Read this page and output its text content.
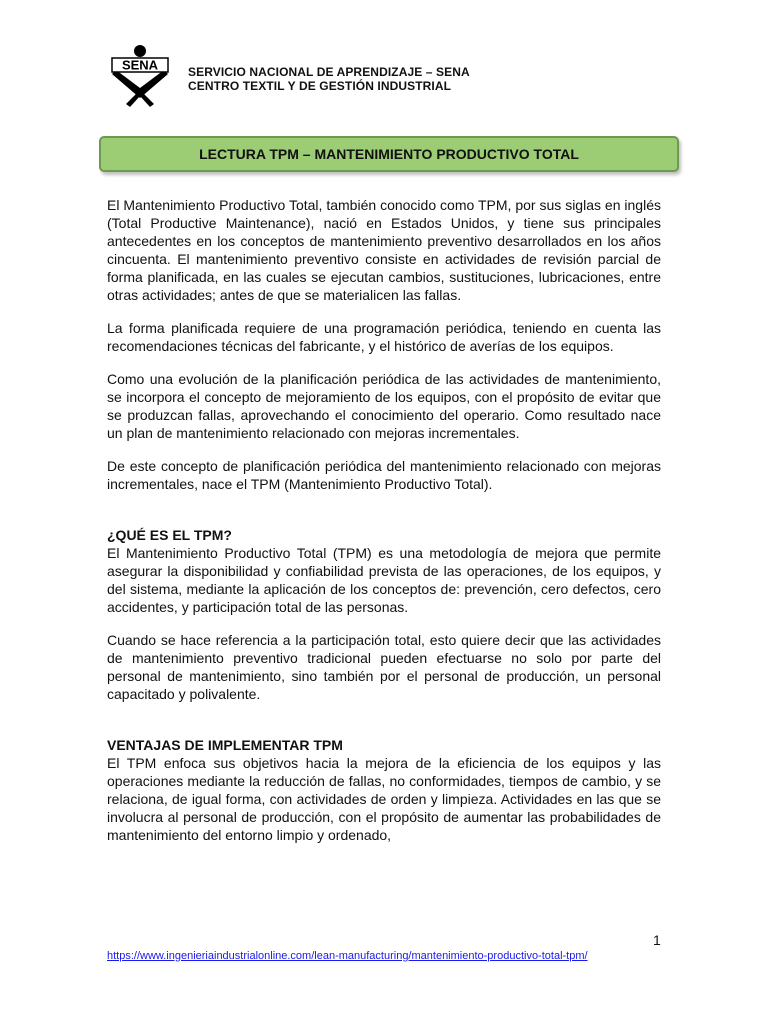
SENA SERVICIO NACIONAL DE APRENDIZAJE – SENA
CENTRO TEXTIL Y DE GESTIÓN INDUSTRIAL
LECTURA TPM – MANTENIMIENTO PRODUCTIVO TOTAL

El Mantenimiento Productivo Total, también conocido como TPM, por sus siglas en inglés (Total Productive Maintenance), nació en Estados Unidos, y tiene sus principales antecedentes en los conceptos de mantenimiento preventivo desarrollados en los años cincuenta. El mantenimiento preventivo consiste en actividades de revisión parcial de forma planificada, en las cuales se ejecutan cambios, sustituciones, lubricaciones, entre otras actividades; antes de que se materialicen las fallas.

La forma planificada requiere de una programación periódica, teniendo en cuenta las recomendaciones técnicas del fabricante, y el histórico de averías de los equipos.

Como una evolución de la planificación periódica de las actividades de mantenimiento, se incorpora el concepto de mejoramiento de los equipos, con el propósito de evitar que se produzcan fallas, aprovechando el conocimiento del operario. Como resultado nace un plan de mantenimiento relacionado con mejoras incrementales.

De este concepto de planificación periódica del mantenimiento relacionado con mejoras incrementales, nace el TPM (Mantenimiento Productivo Total).

¿QUÉ ES EL TPM?

El Mantenimiento Productivo Total (TPM) es una metodología de mejora que permite asegurar la disponibilidad y confiabilidad prevista de las operaciones, de los equipos, y del sistema, mediante la aplicación de los conceptos de: prevención, cero defectos, cero accidentes, y participación total de las personas.

Cuando se hace referencia a la participación total, esto quiere decir que las actividades de mantenimiento preventivo tradicional pueden efectuarse no solo por parte del personal de mantenimiento, sino también por el personal de producción, un personal capacitado y polivalente.

VENTAJAS DE IMPLEMENTAR TPM

El TPM enfoca sus objetivos hacia la mejora de la eficiencia de los equipos y las operaciones mediante la reducción de fallas, no conformidades, tiempos de cambio, y se relaciona, de igual forma, con actividades de orden y limpieza. Actividades en las que se involucra al personal de producción, con el propósito de aumentar las probabilidades de mantenimiento del entorno limpio y ordenado,

1
https://www.ingenieriaindustrialonline.com/lean-manufacturing/mantenimiento-productivo-total-tpm/
